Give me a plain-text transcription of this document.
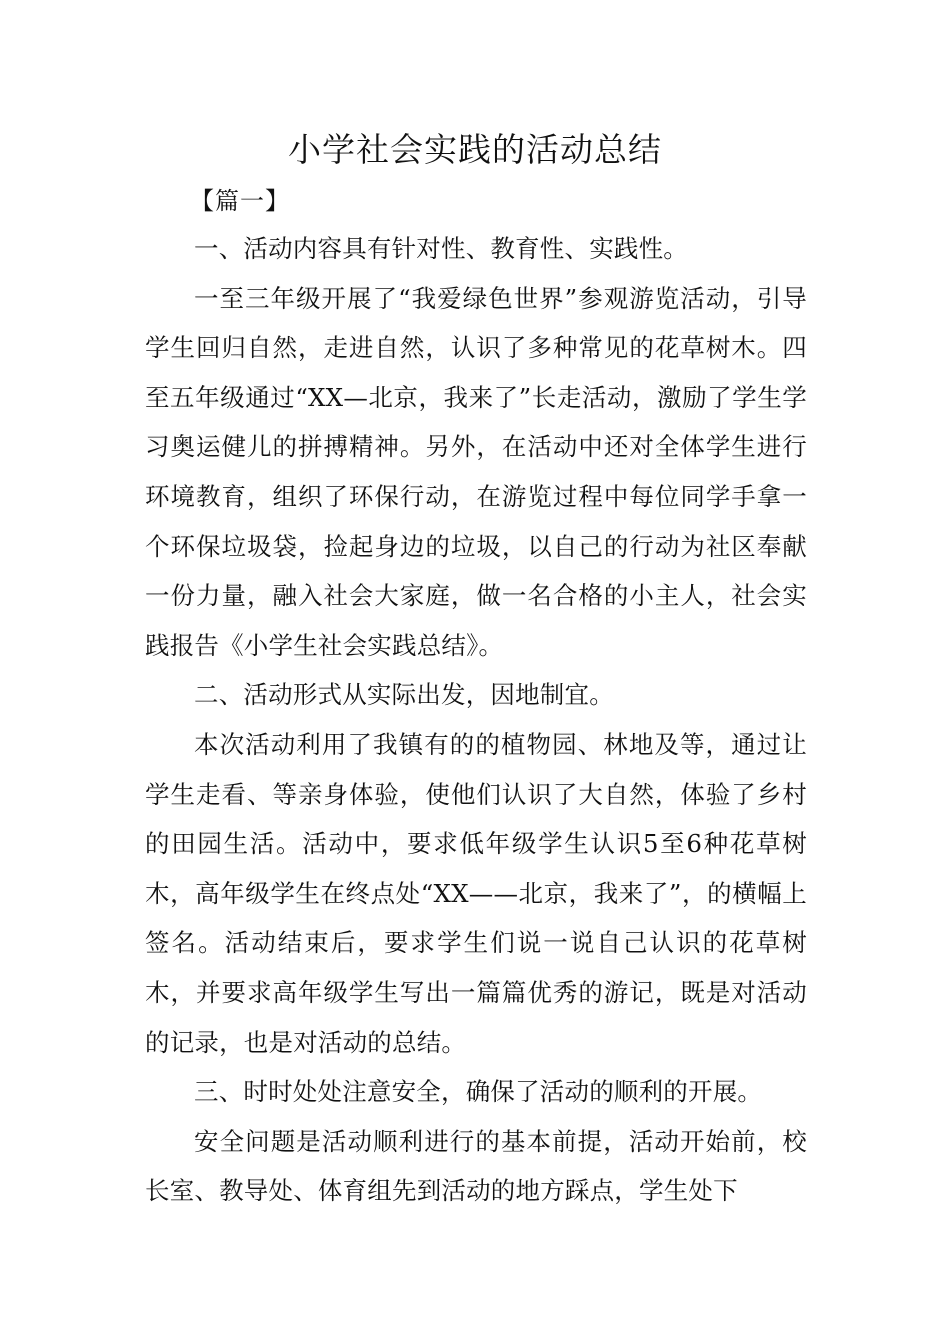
小学社会实践的活动总结
【篇一】

一、活动内容具有针对性、教育性、实践性。

一至三年级开展了“我爱绿色世界”参观游览活动，引导学生回归自然，走进自然，认识了多种常见的花草树木。四至五年级通过“XX—北京，我来了”长走活动，激励了学生学习奥运健儿的拼搏精神。另外，在活动中还对全体学生进行环境教育，组织了环保行动，在游览过程中每位同学手拿一个环保垃圾袋，捡起身边的垃圾，以自己的行动为社区奉献一份力量，融入社会大家庭，做一名合格的小主人，社会实践报告《小学生社会实践总结》。

二、活动形式从实际出发，因地制宜。

本次活动利用了我镇有的的植物园、林地及等，通过让学生走看、等亲身体验，使他们认识了大自然，体验了乡村的田园生活。活动中，要求低年级学生认识5至6种花草树木，高年级学生在终点处“XX——北京，我来了”，的横幅上签名。活动结束后，要求学生们说一说自己认识的花草树木，并要求高年级学生写出一篇篇优秀的游记，既是对活动的记录，也是对活动的总结。

三、时时处处注意安全，确保了活动的顺利的开展。

安全问题是活动顺利进行的基本前提，活动开始前，校长室、教导处、体育组先到活动的地方踩点，学生处下
